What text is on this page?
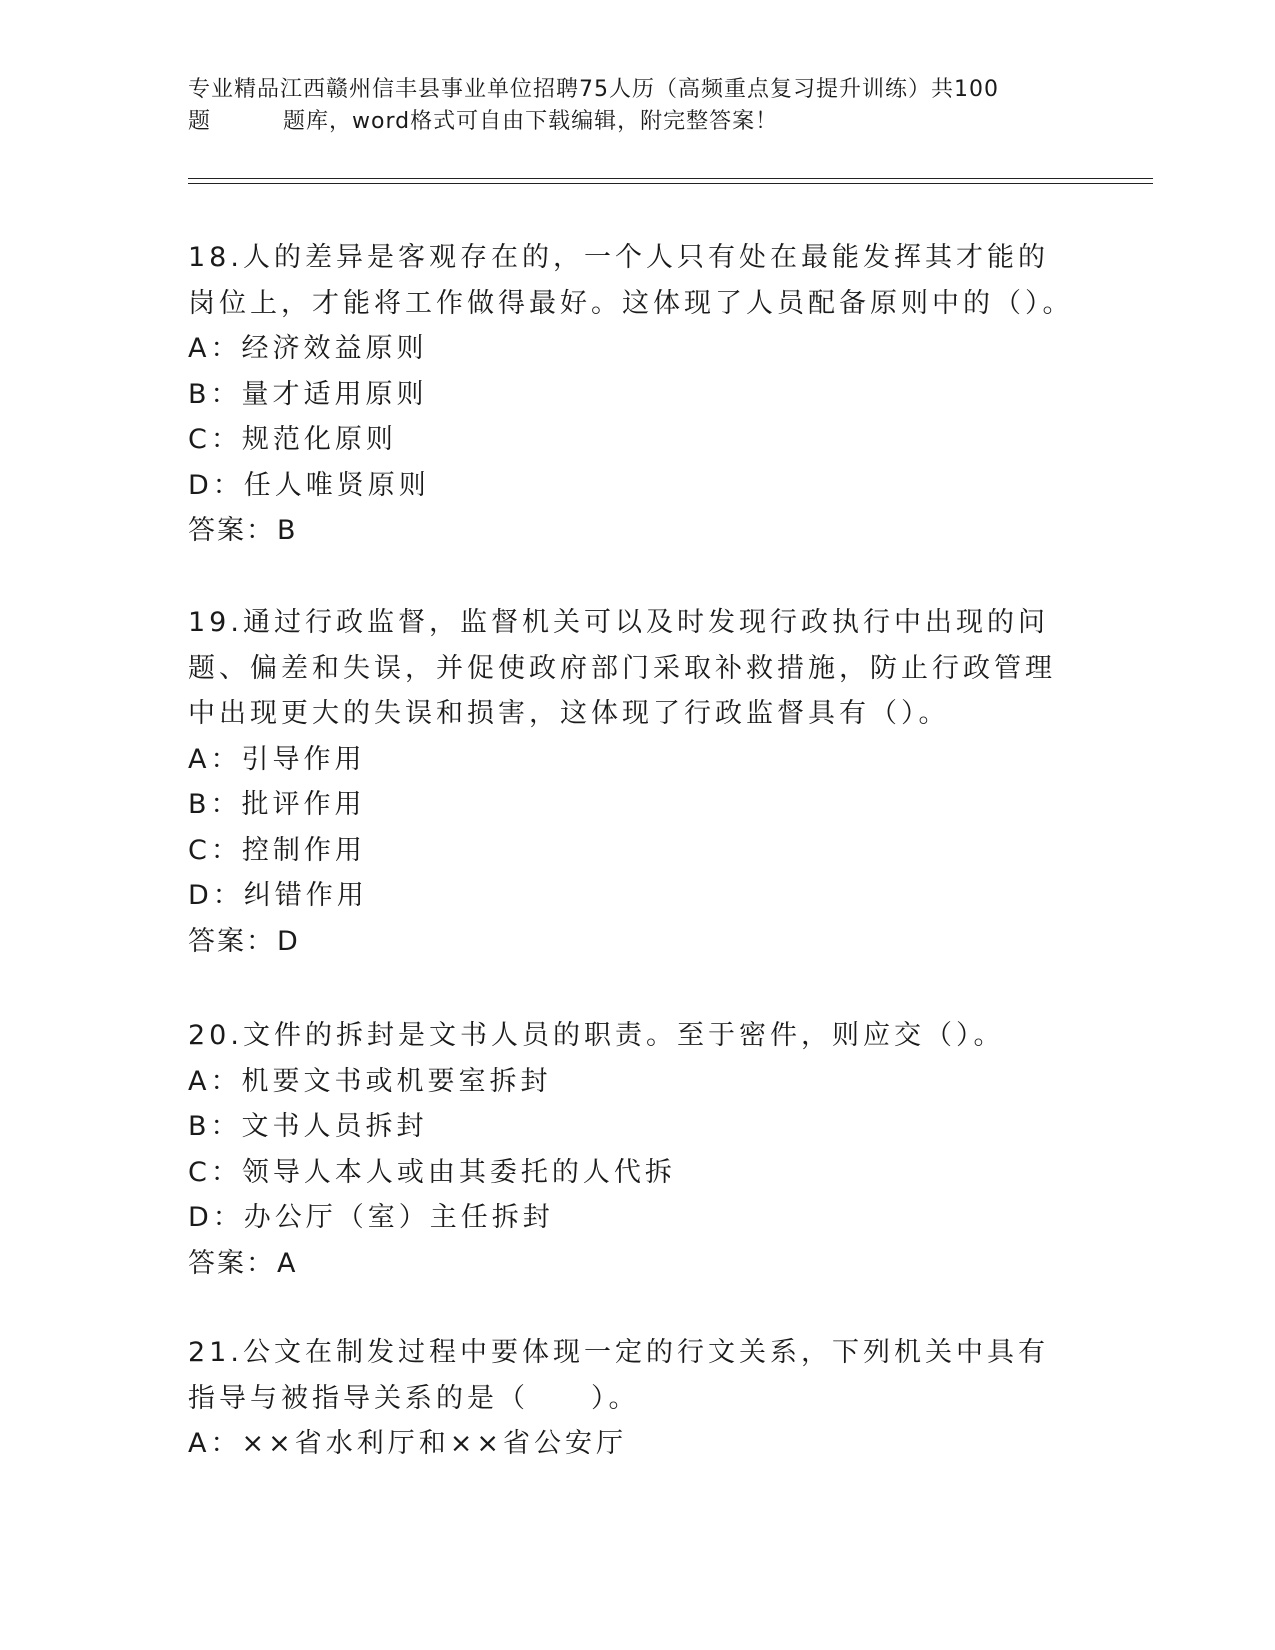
专业精品江西赣州信丰县事业单位招聘75人历（高频重点复习提升训练）共100
题	题库，word格式可自由下载编辑，附完整答案！
18.人的差异是客观存在的，一个人只有处在最能发挥其才能的岗位上，才能将工作做得最好。这体现了人员配备原则中的（）。
A：经济效益原则
B：量才适用原则
C：规范化原则
D：任人唯贤原则
答案：B
19.通过行政监督，监督机关可以及时发现行政执行中出现的问题、偏差和失误，并促使政府部门采取补救措施，防止行政管理中出现更大的失误和损害，这体现了行政监督具有（）。
A：引导作用
B：批评作用
C：控制作用
D：纠错作用
答案：D
20.文件的拆封是文书人员的职责。至于密件，则应交（）。
A：机要文书或机要室拆封
B：文书人员拆封
C：领导人本人或由其委托的人代拆
D：办公厅（室）主任拆封
答案：A
21.公文在制发过程中要体现一定的行文关系，下列机关中具有指导与被指导关系的是（　　）。
A：××省水利厅和××省公安厅
